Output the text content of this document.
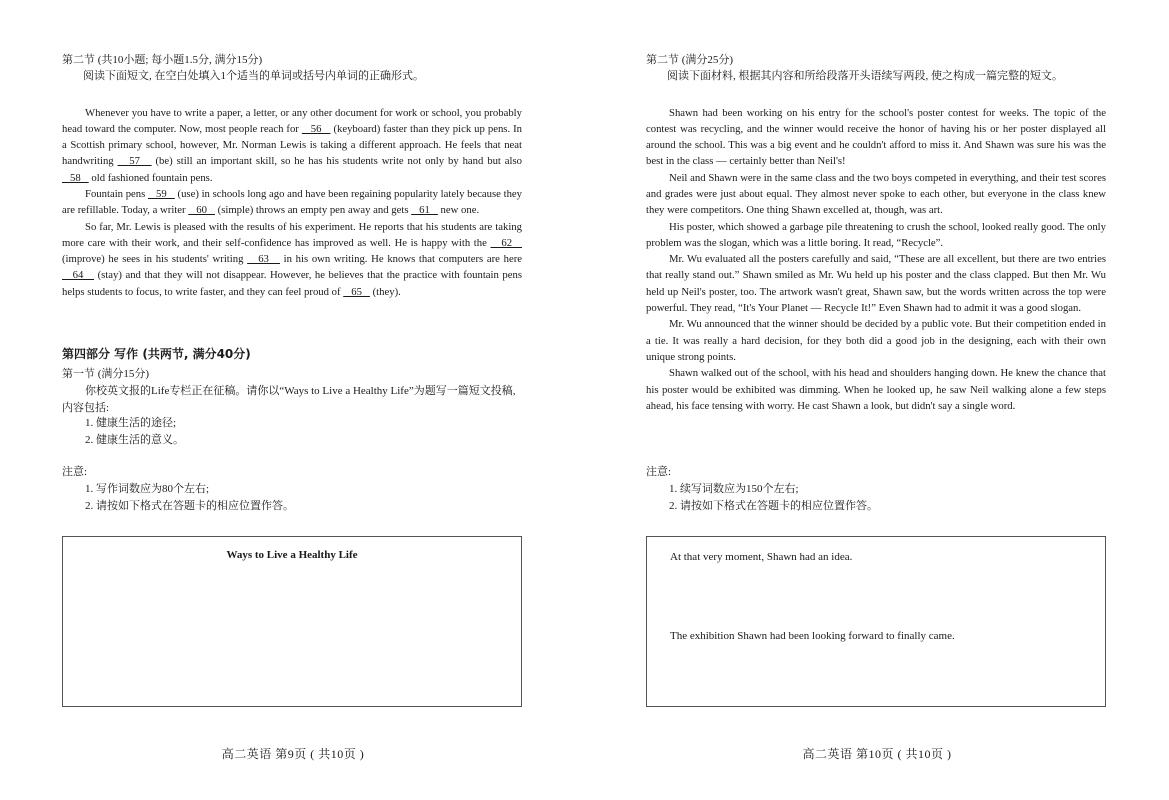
第二节 (共10小题; 每小题1.5分, 满分15分)
阅读下面短文, 在空白处填入1个适当的单词或括号内单词的正确形式。

Whenever you have to write a paper, a letter, or any other document for work or school, you probably head toward the computer. Now, most people reach for    56    (keyboard) faster than they pick up pens. In a Scottish primary school, however, Mr. Norman Lewis is taking a different approach. He feels that neat handwriting    57    (be) still an important skill, so he has his students write not only by hand but also    58    old fashioned fountain pens.

Fountain pens    59    (use) in schools long ago and have been regaining popularity lately because they are refillable. Today, a writer    60    (simple) throws an empty pen away and gets    61    new one.

So far, Mr. Lewis is pleased with the results of his experiment. He reports that his students are taking more care with their work, and their self-confidence has improved as well. He is happy with the    62    (improve) he sees in his students' writing    63    in his own writing. He knows that computers are here    64    (stay) and that they will not disappear. However, he believes that the practice with fountain pens helps students to focus, to write faster, and they can feel proud of    65    (they).

第四部分 写作 (共两节, 满分40分)
第一节 (满分15分)

你校英文报的Life专栏正在征稿。请你以“Ways to Live a Healthy Life”为题写一篇短文投稿, 内容包括:

1. 健康生活的途径;
2. 健康生活的意义。
注意:
1. 写作词数应为80个左右;
2. 请按如下格式在答题卡的相应位置作答。
Ways to Live a Healthy Life
高二英语 第9页 ( 共10页 )
第二节 (满分25分)
阅读下面材料, 根据其内容和所给段落开头语续写两段, 使之构成一篇完整的短文。

Shawn had been working on his entry for the school's poster contest for weeks. The topic of the contest was recycling, and the winner would receive the honor of having his or her poster displayed all around the school. This was a big event and he couldn't afford to miss it. And Shawn was sure his was the best in the class — certainly better than Neil's!

Neil and Shawn were in the same class and the two boys competed in everything, and their test scores and grades were just about equal. They almost never spoke to each other, but everyone in the class knew they were competitors. One thing Shawn excelled at, though, was art.

His poster, which showed a garbage pile threatening to crush the school, looked really good. The only problem was the slogan, which was a little boring. It read, “Recycle”.

Mr. Wu evaluated all the posters carefully and said, “These are all excellent, but there are two entries that really stand out.” Shawn smiled as Mr. Wu held up his poster and the class clapped. But then Mr. Wu held up Neil's poster, too. The artwork wasn't great, Shawn saw, but the words written across the top were powerful. They read, “It's Your Planet — Recycle It!” Even Shawn had to admit it was a good slogan.

Mr. Wu announced that the winner should be decided by a public vote. But their competition ended in a tie. It was really a hard decision, for they both did a good job in the designing, each with their own unique strong points.

Shawn walked out of the school, with his head and shoulders hanging down. He knew the chance that his poster would be exhibited was dimming. When he looked up, he saw Neil walking alone a few steps ahead, his face tensing with worry. He cast Shawn a look, but didn't say a single word.

注意:
1. 续写词数应为150个左右;
2. 请按如下格式在答题卡的相应位置作答。
At that very moment, Shawn had an idea.
The exhibition Shawn had been looking forward to finally came.
高二英语 第10页 ( 共10页 )
